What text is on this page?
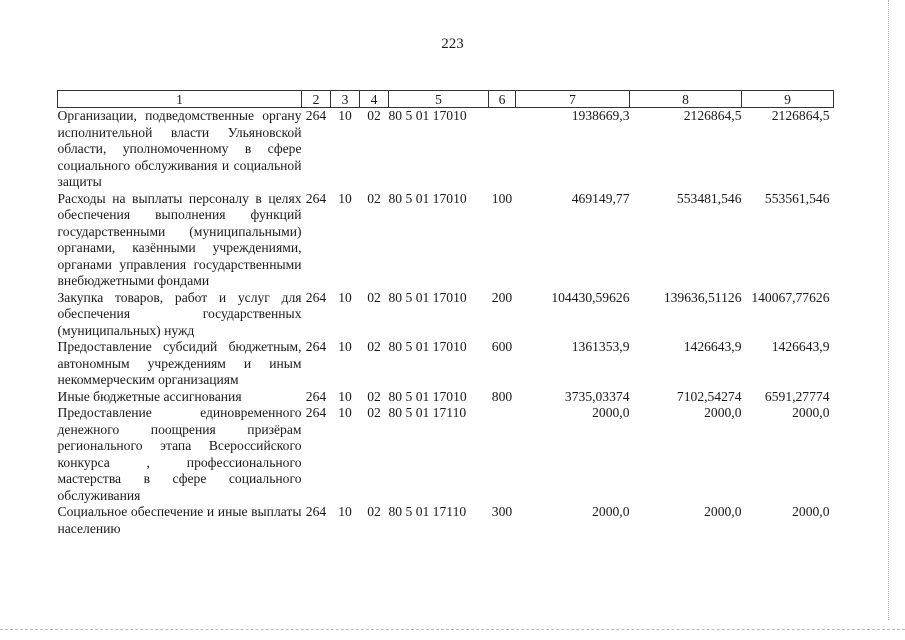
223
1	2	3	4	5	6	7	8	9
Организации, подведомственные органу исполнительной власти Ульяновской области, уполномоченному в сфере социального обслуживания и социальной защиты	264	10	02	80 5 01 17010		1938669,3	2126864,5	2126864,5
Расходы на выплаты персоналу в целях обеспечения выполнения функций государственными (муниципальными) органами, казёнными учреждениями, органами управления государственными внебюджетными фондами	264	10	02	80 5 01 17010	100	469149,77	553481,546	553561,546
Закупка товаров, работ и услуг для обеспечения государственных (муниципальных) нужд	264	10	02	80 5 01 17010	200	104430,59626	139636,51126	140067,77626
Предоставление субсидий бюджетным, автономным учреждениям и иным некоммерческим организациям	264	10	02	80 5 01 17010	600	1361353,9	1426643,9	1426643,9
Иные бюджетные ассигнования	264	10	02	80 5 01 17010	800	3735,03374	7102,54274	6591,27774
Предоставление единовременного денежного поощрения призёрам регионального этапа Всероссийского конкурса , профессионального мастерства в сфере социального обслуживания	264	10	02	80 5 01 17110		2000,0	2000,0	2000,0
Социальное обеспечение и иные выплаты населению	264	10	02	80 5 01 17110	300	2000,0	2000,0	2000,0
